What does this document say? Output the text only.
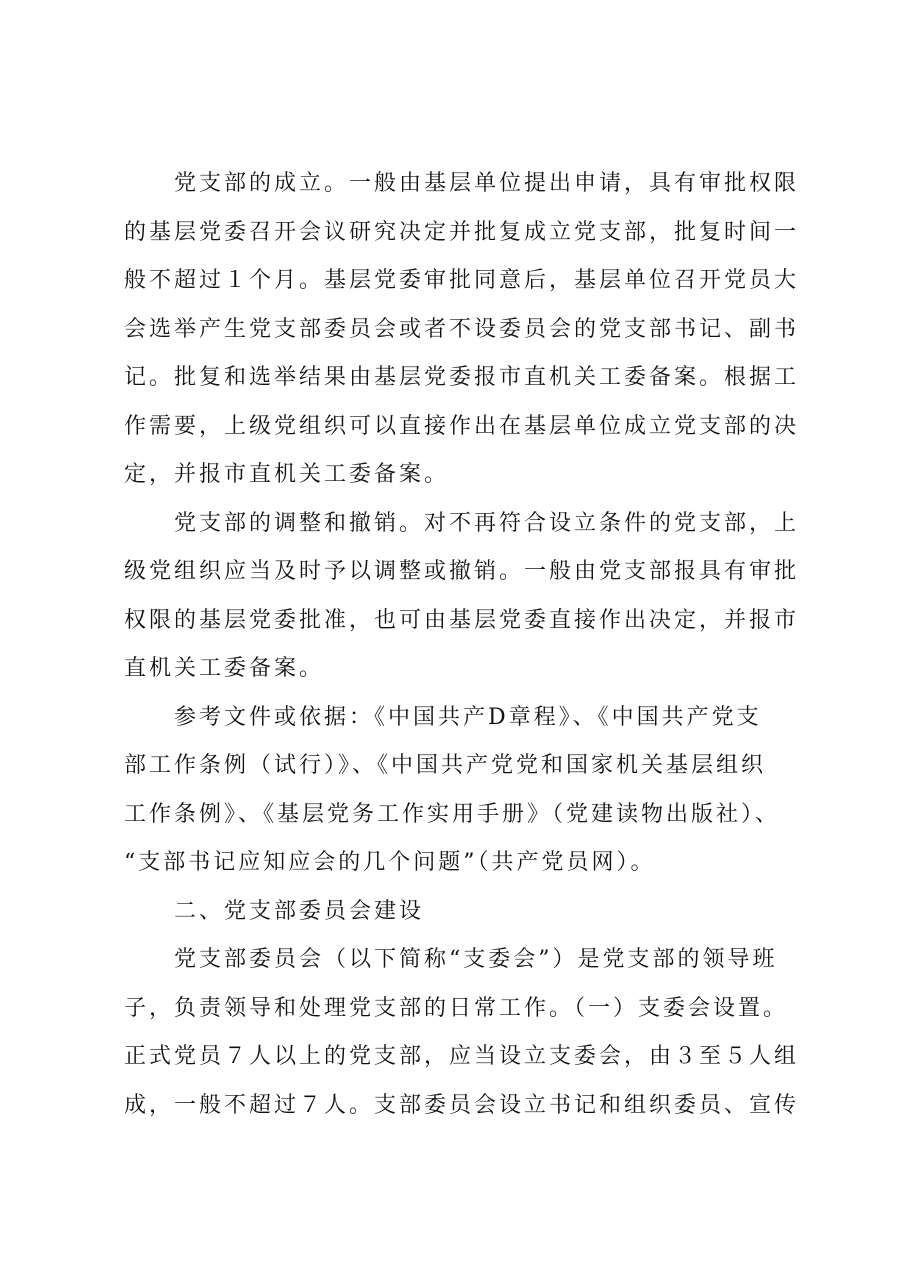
党支部的成立。一般由基层单位提出申请，具有审批权限
的基层党委召开会议研究决定并批复成立党支部，批复时间一
般不超过１个月。基层党委审批同意后，基层单位召开党员大
会选举产生党支部委员会或者不设委员会的党支部书记、副书
记。批复和选举结果由基层党委报市直机关工委备案。根据工
作需要，上级党组织可以直接作出在基层单位成立党支部的决
定，并报市直机关工委备案。
党支部的调整和撤销。对不再符合设立条件的党支部，上
级党组织应当及时予以调整或撤销。一般由党支部报具有审批
权限的基层党委批准，也可由基层党委直接作出决定，并报市
直机关工委备案。
参考文件或依据：《中国共产D章程》、《中国共产党支
部工作条例（试行）》、《中国共产党党和国家机关基层组织
工作条例》、《基层党务工作实用手册》（党建读物出版社）、
“支部书记应知应会的几个问题”（共产党员网）。
二、党支部委员会建设
党支部委员会（以下简称“支委会”）是党支部的领导班
子，负责领导和处理党支部的日常工作。（一）支委会设置。
正式党员７人以上的党支部，应当设立支委会，由３至５人组
成，一般不超过７人。支部委员会设立书记和组织委员、宣传
